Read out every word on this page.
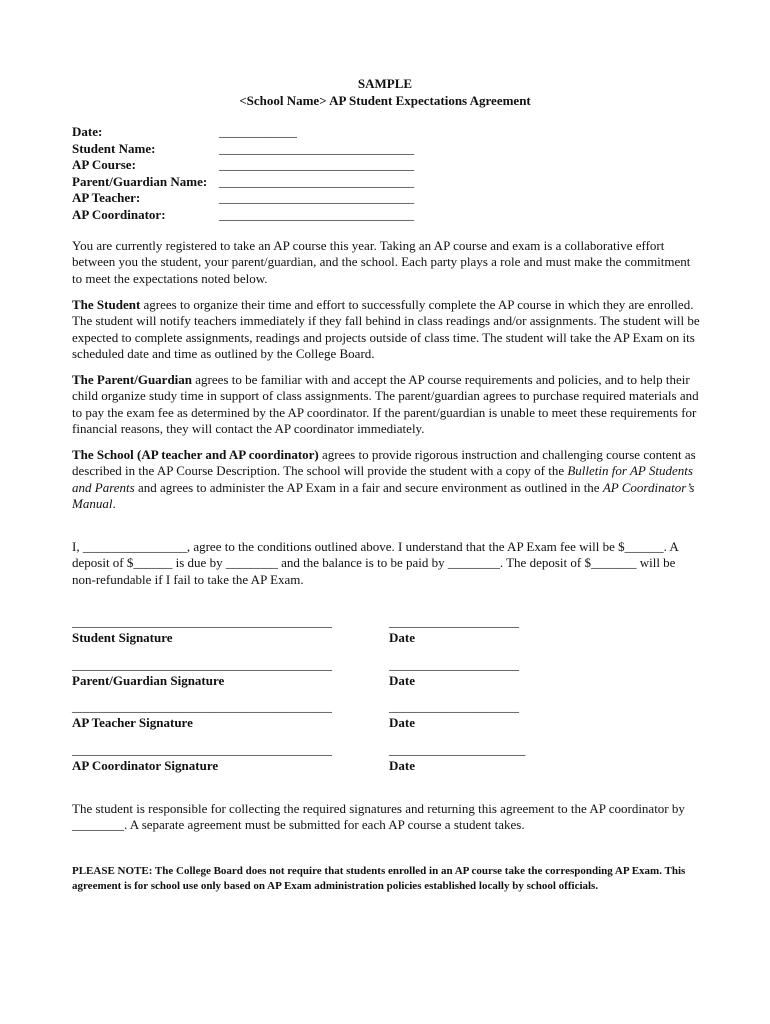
SAMPLE
<School Name> AP Student Expectations Agreement
Date:	____________
Student Name:	______________________________
AP Course:	______________________________
Parent/Guardian Name: ______________________________
AP Teacher:	______________________________
AP Coordinator:	______________________________

You are currently registered to take an AP course this year. Taking an AP course and exam is a collaborative effort between you the student, your parent/guardian, and the school. Each party plays a role and must make the commitment to meet the expectations noted below.

The Student agrees to organize their time and effort to successfully complete the AP course in which they are enrolled. The student will notify teachers immediately if they fall behind in class readings and/or assignments. The student will be expected to complete assignments, readings and projects outside of class time. The student will take the AP Exam on its scheduled date and time as outlined by the College Board.

The Parent/Guardian agrees to be familiar with and accept the AP course requirements and policies, and to help their child organize study time in support of class assignments. The parent/guardian agrees to purchase required materials and to pay the exam fee as determined by the AP coordinator. If the parent/guardian is unable to meet these requirements for financial reasons, they will contact the AP coordinator immediately.

The School (AP teacher and AP coordinator) agrees to provide rigorous instruction and challenging course content as described in the AP Course Description. The school will provide the student with a copy of the Bulletin for AP Students and Parents and agrees to administer the AP Exam in a fair and secure environment as outlined in the AP Coordinator’s Manual.

I, ________________, agree to the conditions outlined above. I understand that the AP Exam fee will be $______. A deposit of $______ is due by ________ and the balance is to be paid by ________. The deposit of $_______ will be non-refundable if I fail to take the AP Exam.

________________________________________	____________________
Student Signature	Date
________________________________________	____________________
Parent/Guardian Signature	Date
________________________________________	____________________
AP Teacher Signature	Date
________________________________________	_____________________
AP Coordinator Signature	Date

The student is responsible for collecting the required signatures and returning this agreement to the AP coordinator by ________. A separate agreement must be submitted for each AP course a student takes.

PLEASE NOTE: The College Board does not require that students enrolled in an AP course take the corresponding AP Exam. This agreement is for school use only based on AP Exam administration policies established locally by school officials.
